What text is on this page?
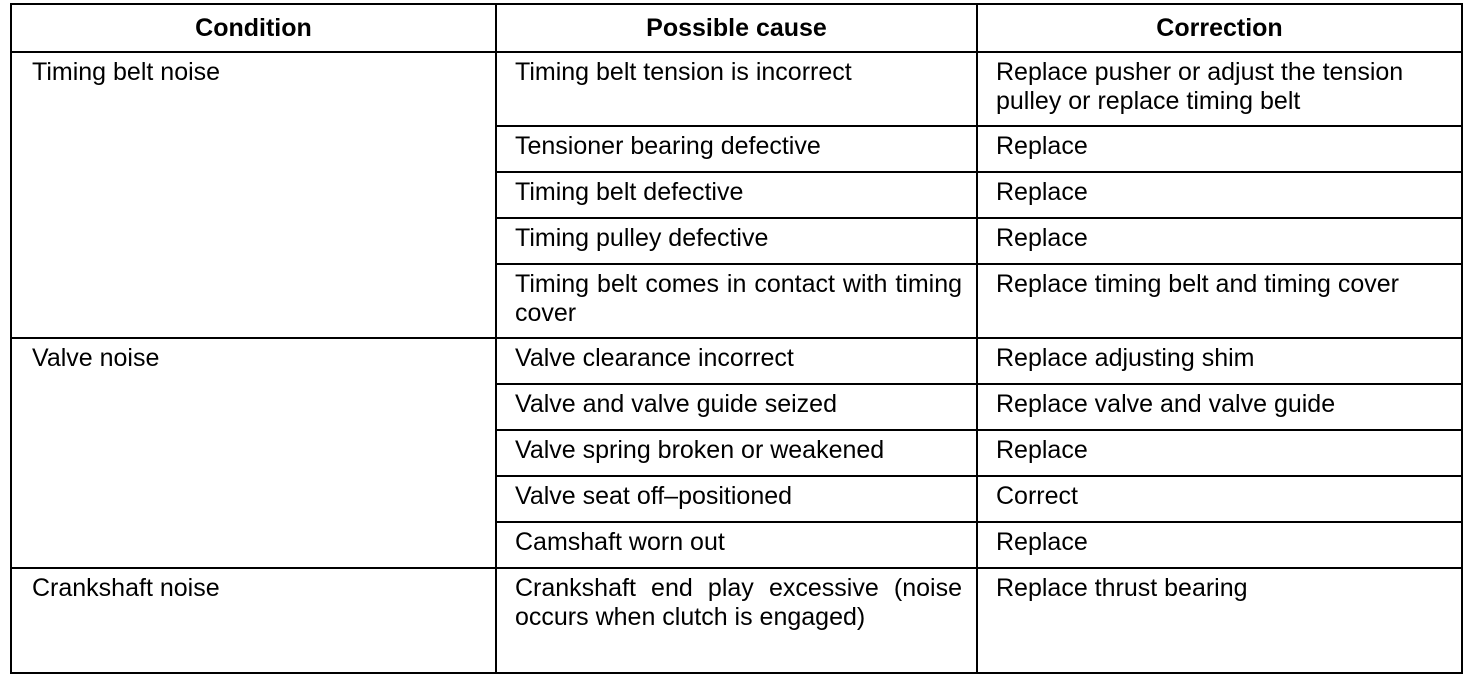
Condition	Possible cause	Correction
Timing belt noise	Timing belt tension is incorrect	Replace pusher or adjust the tension pulley or replace timing belt
	Tensioner bearing defective	Replace
	Timing belt defective	Replace
	Timing pulley defective	Replace
	Timing belt comes in contact with timing cover	Replace timing belt and timing cover
Valve noise	Valve clearance incorrect	Replace adjusting shim
	Valve and valve guide seized	Replace valve and valve guide
	Valve spring broken or weakened	Replace
	Valve seat off–positioned	Correct
	Camshaft worn out	Replace
Crankshaft noise	Crankshaft end play excessive (noise occurs when clutch is engaged)	Replace thrust bearing
